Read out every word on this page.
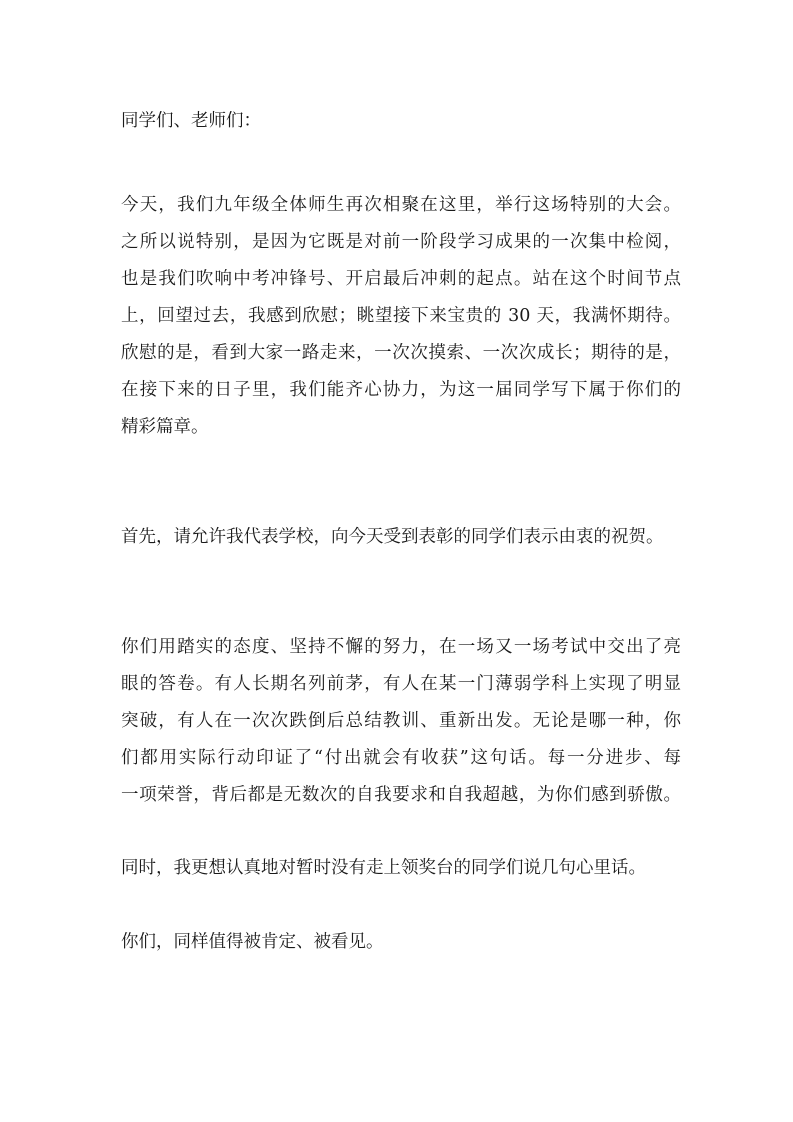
同学们、老师们：

今天，我们九年级全体师生再次相聚在这里，举行这场特别的大会。
之所以说特别，是因为它既是对前一阶段学习成果的一次集中检阅，
也是我们吹响中考冲锋号、开启最后冲刺的起点。站在这个时间节点
上，回望过去，我感到欣慰；眺望接下来宝贵的 30 天，我满怀期待。
欣慰的是，看到大家一路走来，一次次摸索、一次次成长；期待的是，
在接下来的日子里，我们能齐心协力，为这一届同学写下属于你们的
精彩篇章。

首先，请允许我代表学校，向今天受到表彰的同学们表示由衷的祝贺。

你们用踏实的态度、坚持不懈的努力，在一场又一场考试中交出了亮
眼的答卷。有人长期名列前茅，有人在某一门薄弱学科上实现了明显
突破，有人在一次次跌倒后总结教训、重新出发。无论是哪一种，你
们都用实际行动印证了“付出就会有收获”这句话。每一分进步、每
一项荣誉，背后都是无数次的自我要求和自我超越，为你们感到骄傲。

同时，我更想认真地对暂时没有走上领奖台的同学们说几句心里话。

你们，同样值得被肯定、被看见。
